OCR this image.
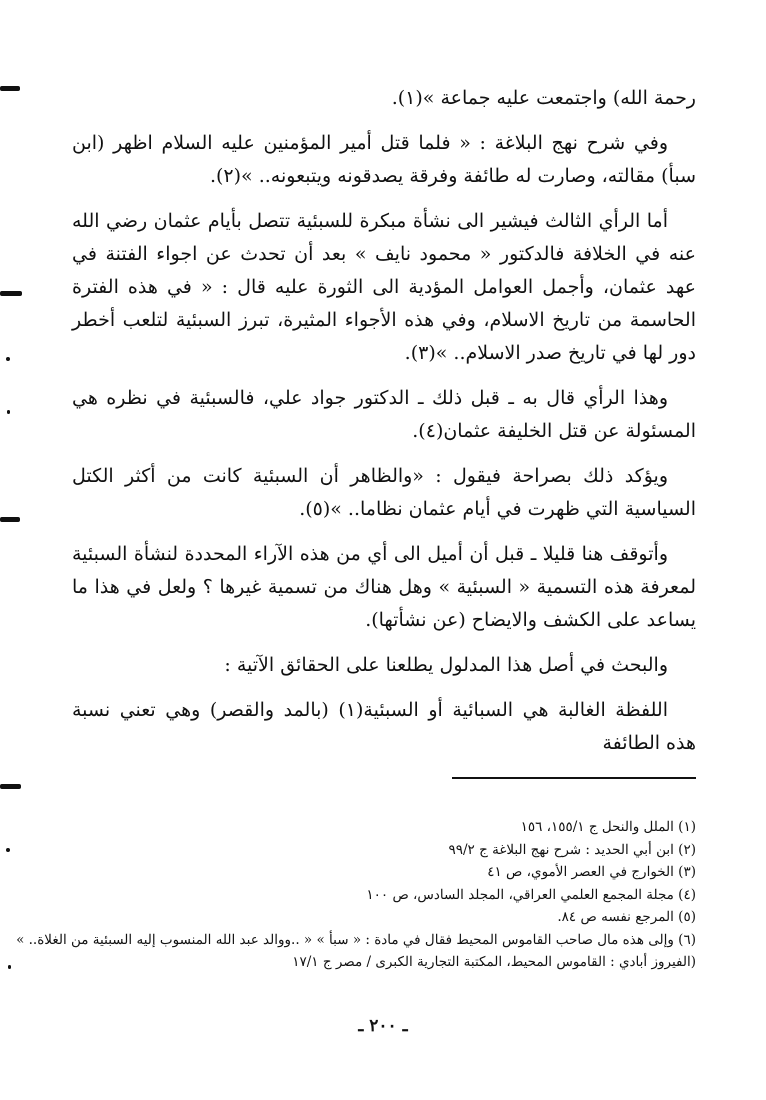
رحمة الله) واجتمعت عليه جماعة »(١).

وفي شرح نهج البلاغة : « فلما قتل أمير المؤمنين عليه السلام اظهر (ابن سبأ) مقالته، وصارت له طائفة وفرقة يصدقونه ويتبعونه.. »(٢).

أما الرأي الثالث فيشير الى نشأة مبكرة للسبئية تتصل بأيام عثمان رضي الله عنه في الخلافة فالدكتور « محمود نايف » بعد أن تحدث عن اجواء الفتنة في عهد عثمان، وأجمل العوامل المؤدية الى الثورة عليه قال : « في هذه الفترة الحاسمة من تاريخ الاسلام، وفي هذه الأجواء المثيرة، تبرز السبئية لتلعب أخطر دور لها في تاريخ صدر الاسلام.. »(٣).

وهذا الرأي قال به ـ قبل ذلك ـ الدكتور جواد علي، فالسبئية في نظره هي المسئولة عن قتل الخليفة عثمان(٤).

ويؤكد ذلك بصراحة فيقول : «والظاهر أن السبئية كانت من أكثر الكتل السياسية التي ظهرت في أيام عثمان نظاما.. »(٥).

وأتوقف هنا قليلا ـ قبل أن أميل الى أي من هذه الآراء المحددة لنشأة السبئية لمعرفة هذه التسمية « السبئية » وهل هناك من تسمية غيرها ؟ ولعل في هذا ما يساعد على الكشف والايضاح (عن نشأتها).

والبحث في أصل هذا المدلول يطلعنا على الحقائق الآتية :

اللفظة الغالبة هي السبائية أو السبئية(١) (بالمد والقصر) وهي تعني نسبة هذه الطائفة

(١) الملل والنحل ج ١٥٥/١، ١٥٦

(٢) ابن أبي الحديد : شرح نهج البلاغة ج ٩٩/٢

(٣) الخوارج في العصر الأموي، ص ٤١

(٤) مجلة المجمع العلمي العراقي، المجلد السادس، ص ١٠٠

(٥) المرجع نفسه ص ٨٤.

(٦) وإلى هذه مال صاحب القاموس المحيط فقال في مادة : « سبأ » « ..ووالد عبد الله المنسوب إليه السبئية من الغلاة.. »

(الفيروز أبادي : القاموس المحيط، المكتبة التجارية الكبرى / مصر ج ١٧/١

ـ ٢٠٠ ـ
